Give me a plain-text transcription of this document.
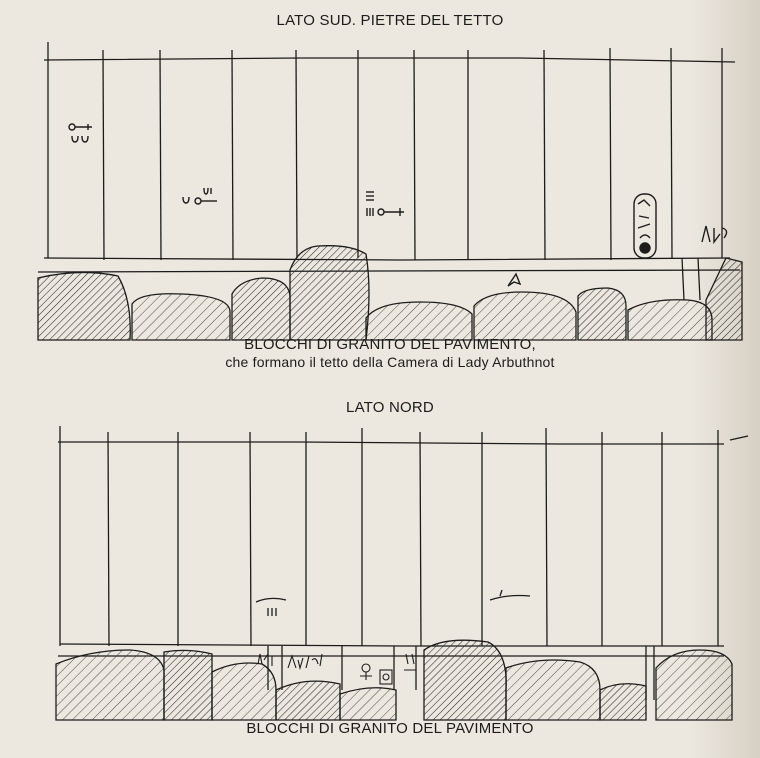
LATO SUD. PIETRE DEL TETTO
BLOCCHI DI GRANITO DEL PAVIMENTO,
che formano il tetto della Camera di Lady Arbuthnot
LATO NORD
BLOCCHI DI GRANITO DEL PAVIMENTO
